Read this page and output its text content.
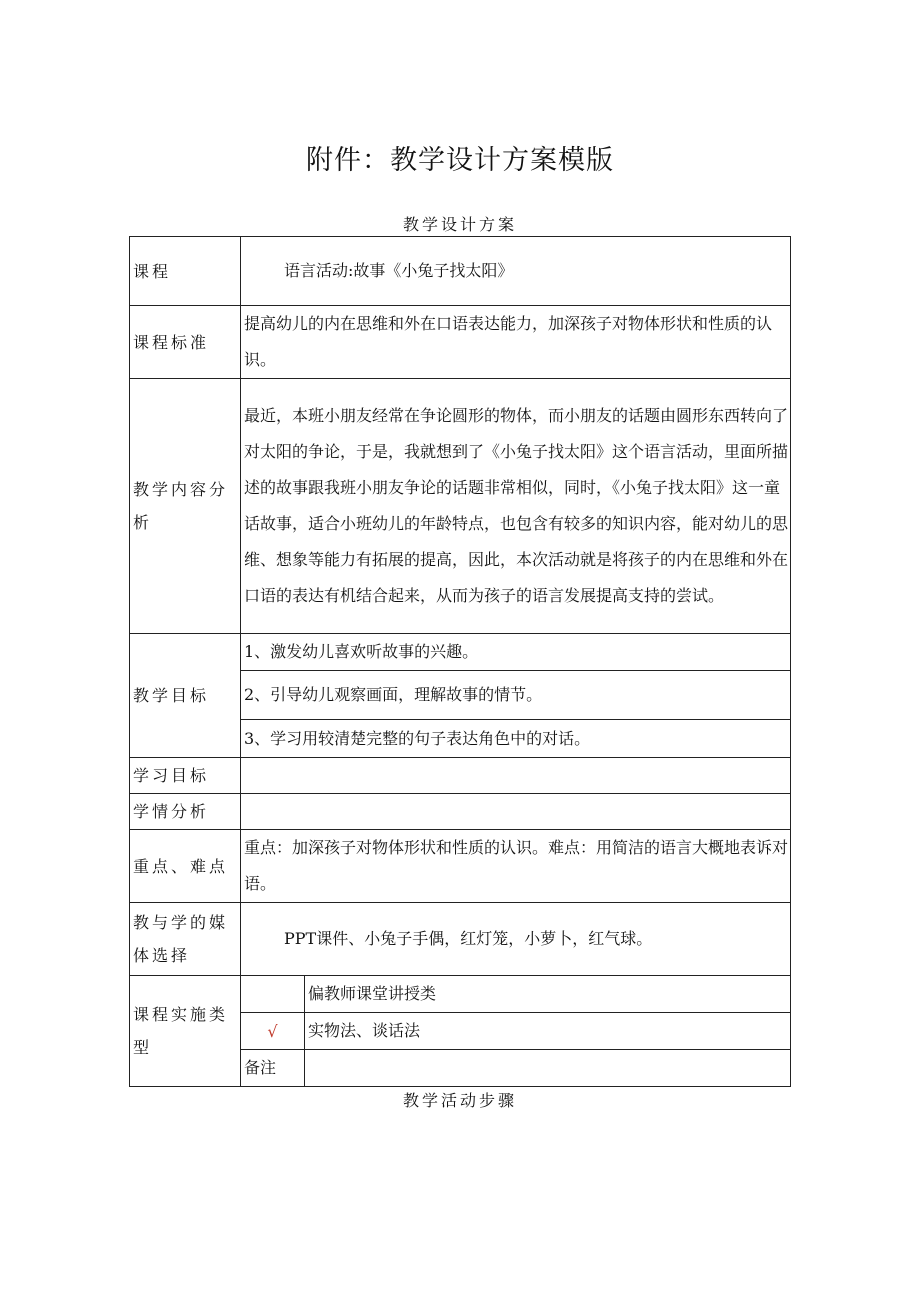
附件：教学设计方案模版
教学设计方案
课程	语言活动:故事《小兔子找太阳》	
课程标准	提高幼儿的内在思维和外在口语表达能力，加深孩子对物体形状和性质的认识。	
教学内容分析	最近，本班小朋友经常在争论圆形的物体，而小朋友的话题由圆形东西转向了对太阳的争论，于是，我就想到了《小兔子找太阳》这个语言活动，里面所描述的故事跟我班小朋友争论的话题非常相似，同时，《小兔子找太阳》这一童话故事，适合小班幼儿的年龄特点，也包含有较多的知识内容，能对幼儿的思维、想象等能力有拓展的提高，因此，本次活动就是将孩子的内在思维和外在口语的表达有机结合起来，从而为孩子的语言发展提高支持的尝试。	
教学目标	1、激发幼儿喜欢听故事的兴趣。	
	2、引导幼儿观察画面，理解故事的情节。	
	3、学习用较清楚完整的句子表达角色中的对话。	
学习目标		
学情分析		
重点、难点	重点：加深孩子对物体形状和性质的认识。难点：用简洁的语言大概地表诉对语。	
教与学的媒体选择	PPT课件、小兔子手偶，红灯笼，小萝卜，红气球。	
课程实施类型		偏教师课堂讲授类
	√	实物法、谈话法
	备注	
教学活动步骤
